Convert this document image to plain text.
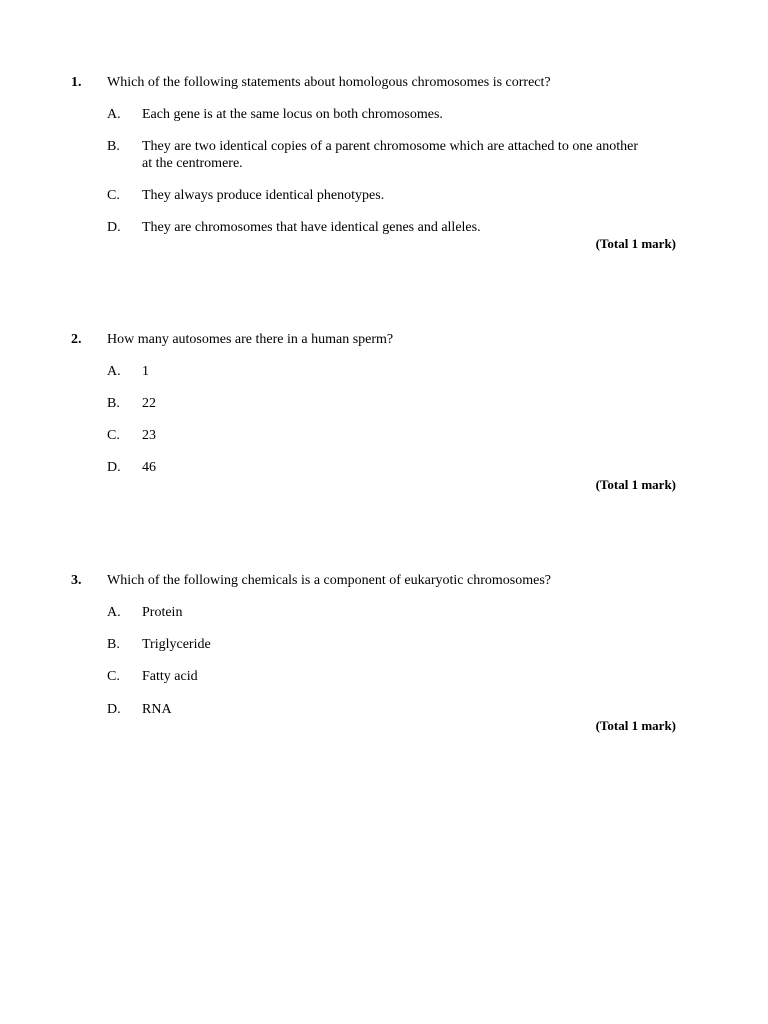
1. Which of the following statements about homologous chromosomes is correct?
A. Each gene is at the same locus on both chromosomes.
B. They are two identical copies of a parent chromosome which are attached to one another at the centromere.
C. They always produce identical phenotypes.
D. They are chromosomes that have identical genes and alleles.
(Total 1 mark)
2. How many autosomes are there in a human sperm?
A. 1
B. 22
C. 23
D. 46
(Total 1 mark)
3. Which of the following chemicals is a component of eukaryotic chromosomes?
A. Protein
B. Triglyceride
C. Fatty acid
D. RNA
(Total 1 mark)
